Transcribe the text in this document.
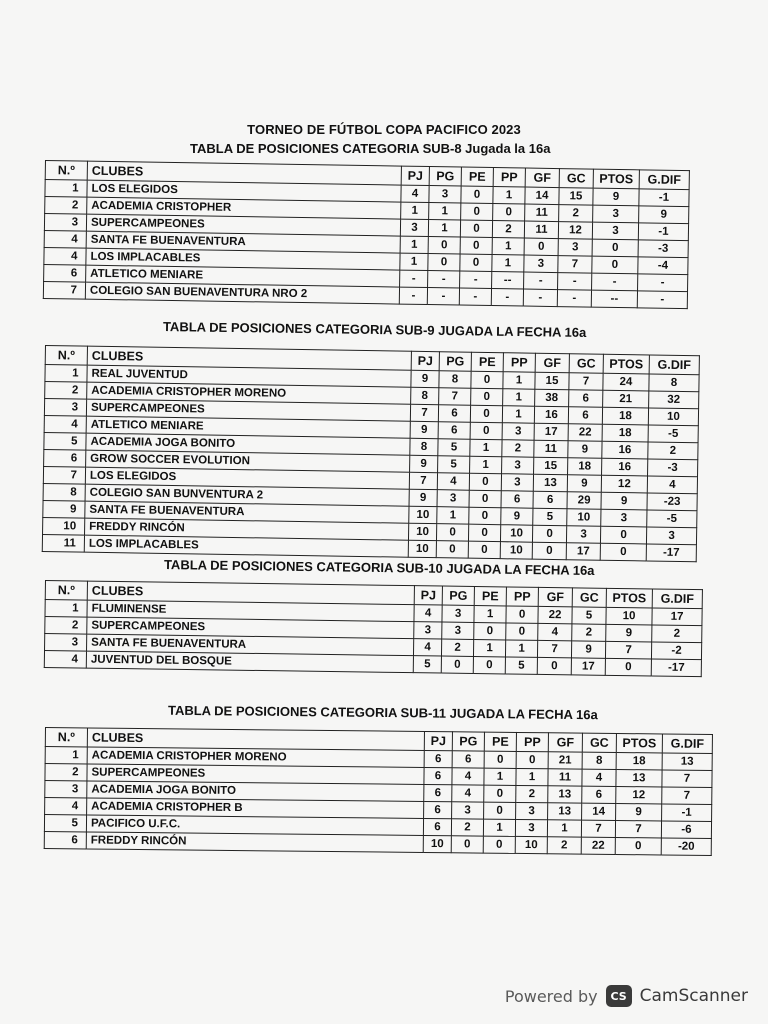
TORNEO DE FÚTBOL COPA PACIFICO 2023
TABLA DE POSICIONES CATEGORIA SUB-8 Jugada la 16a
N.º	CLUBES	PJ	PG	PE	PP	GF	GC	PTOS	G.DIF
1	LOS ELEGIDOS	4	3	0	1	14	15	9	-1
2	ACADEMIA CRISTOPHER	1	1	0	0	11	2	3	9
3	SUPERCAMPEONES	3	1	0	2	11	12	3	-1
4	SANTA FE BUENAVENTURA	1	0	0	1	0	3	0	-3
4	LOS IMPLACABLES	1	0	0	1	3	7	0	-4
6	ATLETICO MENIARE	-	-	-	--	-	-	-	-
7	COLEGIO SAN BUENAVENTURA NRO 2	-	-	-	-	-	-	--	-
TABLA DE POSICIONES CATEGORIA SUB-9 JUGADA LA FECHA 16a
N.º	CLUBES	PJ	PG	PE	PP	GF	GC	PTOS	G.DIF
1	REAL JUVENTUD	9	8	0	1	15	7	24	8
2	ACADEMIA CRISTOPHER MORENO	8	7	0	1	38	6	21	32
3	SUPERCAMPEONES	7	6	0	1	16	6	18	10
4	ATLETICO MENIARE	9	6	0	3	17	22	18	-5
5	ACADEMIA JOGA BONITO	8	5	1	2	11	9	16	2
6	GROW SOCCER EVOLUTION	9	5	1	3	15	18	16	-3
7	LOS ELEGIDOS	7	4	0	3	13	9	12	4
8	COLEGIO SAN BUNVENTURA 2	9	3	0	6	6	29	9	-23
9	SANTA FE BUENAVENTURA	10	1	0	9	5	10	3	-5
10	FREDDY RINCÓN	10	0	0	10	0	3	0	3
11	LOS IMPLACABLES	10	0	0	10	0	17	0	-17
TABLA DE POSICIONES CATEGORIA SUB-10 JUGADA LA FECHA 16a
N.º	CLUBES	PJ	PG	PE	PP	GF	GC	PTOS	G.DIF
1	FLUMINENSE	4	3	1	0	22	5	10	17
2	SUPERCAMPEONES	3	3	0	0	4	2	9	2
3	SANTA FE BUENAVENTURA	4	2	1	1	7	9	7	-2
4	JUVENTUD DEL BOSQUE	5	0	0	5	0	17	0	-17
TABLA DE POSICIONES CATEGORIA SUB-11 JUGADA LA FECHA 16a
N.º	CLUBES	PJ	PG	PE	PP	GF	GC	PTOS	G.DIF
1	ACADEMIA CRISTOPHER MORENO	6	6	0	0	21	8	18	13
2	SUPERCAMPEONES	6	4	1	1	11	4	13	7
3	ACADEMIA JOGA BONITO	6	4	0	2	13	6	12	7
4	ACADEMIA CRISTOPHER B	6	3	0	3	13	14	9	-1
5	PACIFICO U.F.C.	6	2	1	3	1	7	7	-6
6	FREDDY RINCÓN	10	0	0	10	2	22	0	-20
Powered by	CS CamScanner
